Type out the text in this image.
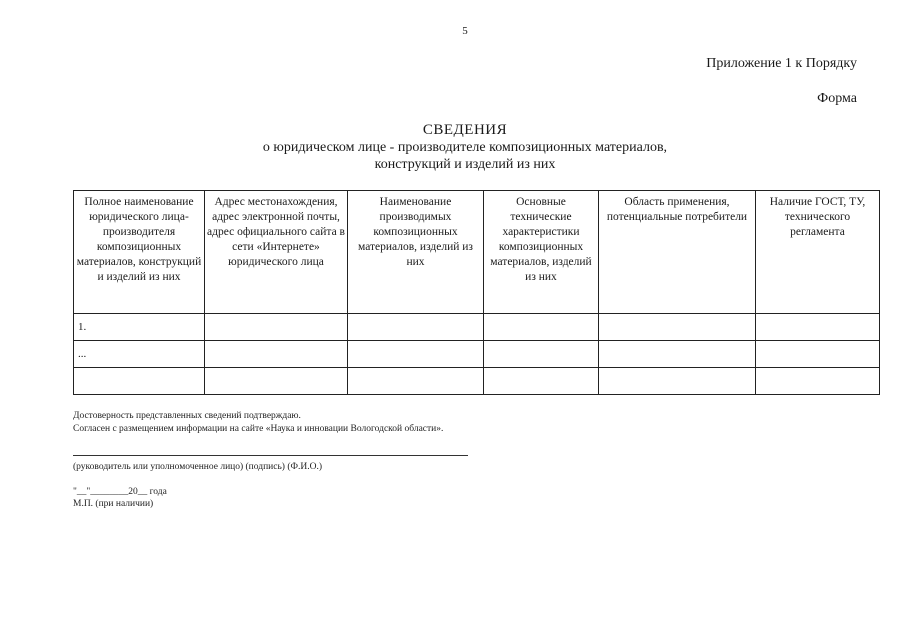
5
Приложение 1 к Порядку
Форма
СВЕДЕНИЯ
о юридическом лице - производителе композиционных материалов,
конструкций и изделий из них
Полное наименование юридического лица-производителя композиционных материалов, конструкций и изделий из них	Адрес местонахождения, адрес электронной почты, адрес официального сайта в сети «Интернете» юридического лица	Наименование производимых композиционных материалов, изделий из них	Основные технические характеристики композиционных материалов, изделий из них	Область применения, потенциальные потребители	Наличие ГОСТ, ТУ, технического регламента
1.					
...					

Достоверность представленных сведений подтверждаю.
Согласен с размещением информации на сайте «Наука и инновации Вологодской области».
(руководитель или уполномоченное лицо) (подпись) (Ф.И.О.)
"__"________20__ года
М.П. (при наличии)
